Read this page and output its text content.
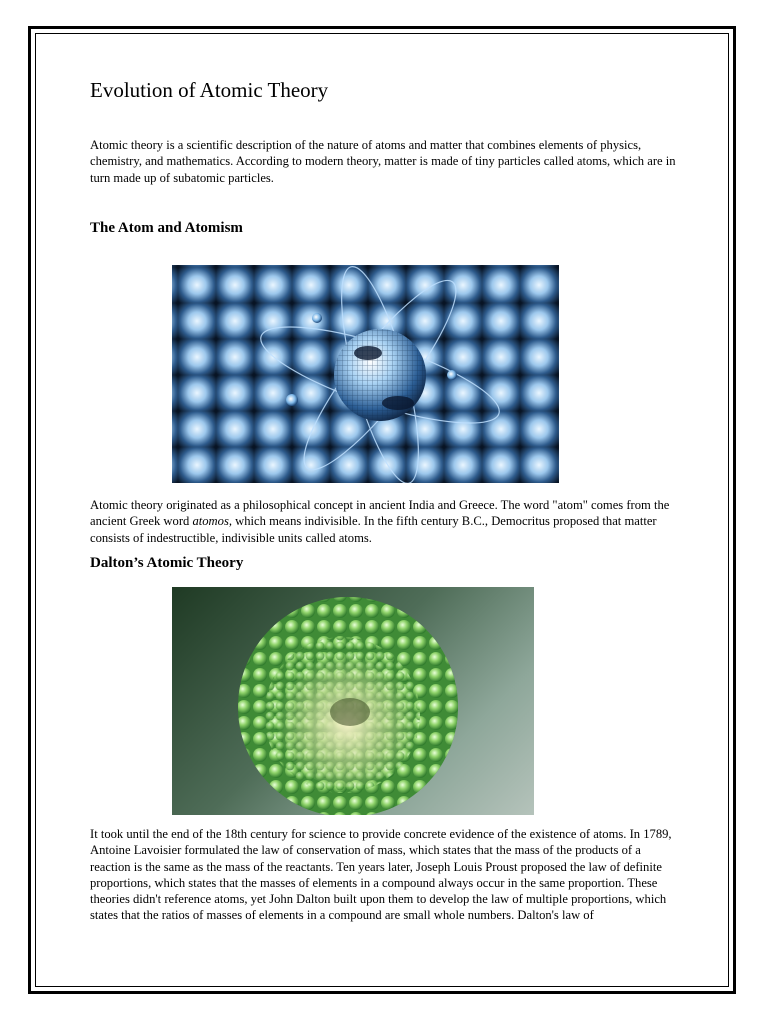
Evolution of Atomic Theory

Atomic theory is a scientific description of the nature of atoms and matter that combines elements of physics, chemistry, and mathematics. According to modern theory, matter is made of tiny particles called atoms, which are in turn made up of subatomic particles.

The Atom and Atomism

Atomic theory originated as a philosophical concept in ancient India and Greece. The word "atom" comes from the ancient Greek word atomos, which means indivisible. In the fifth century B.C., Democritus proposed that matter consists of indestructible, indivisible units called atoms.

Dalton’s Atomic Theory

It took until the end of the 18th century for science to provide concrete evidence of the existence of atoms. In 1789, Antoine Lavoisier formulated the law of conservation of mass, which states that the mass of the products of a reaction is the same as the mass of the reactants. Ten years later, Joseph Louis Proust proposed the law of definite proportions, which states that the masses of elements in a compound always occur in the same proportion. These theories didn't reference atoms, yet John Dalton built upon them to develop the law of multiple proportions, which states that the ratios of masses of elements in a compound are small whole numbers. Dalton's law of
